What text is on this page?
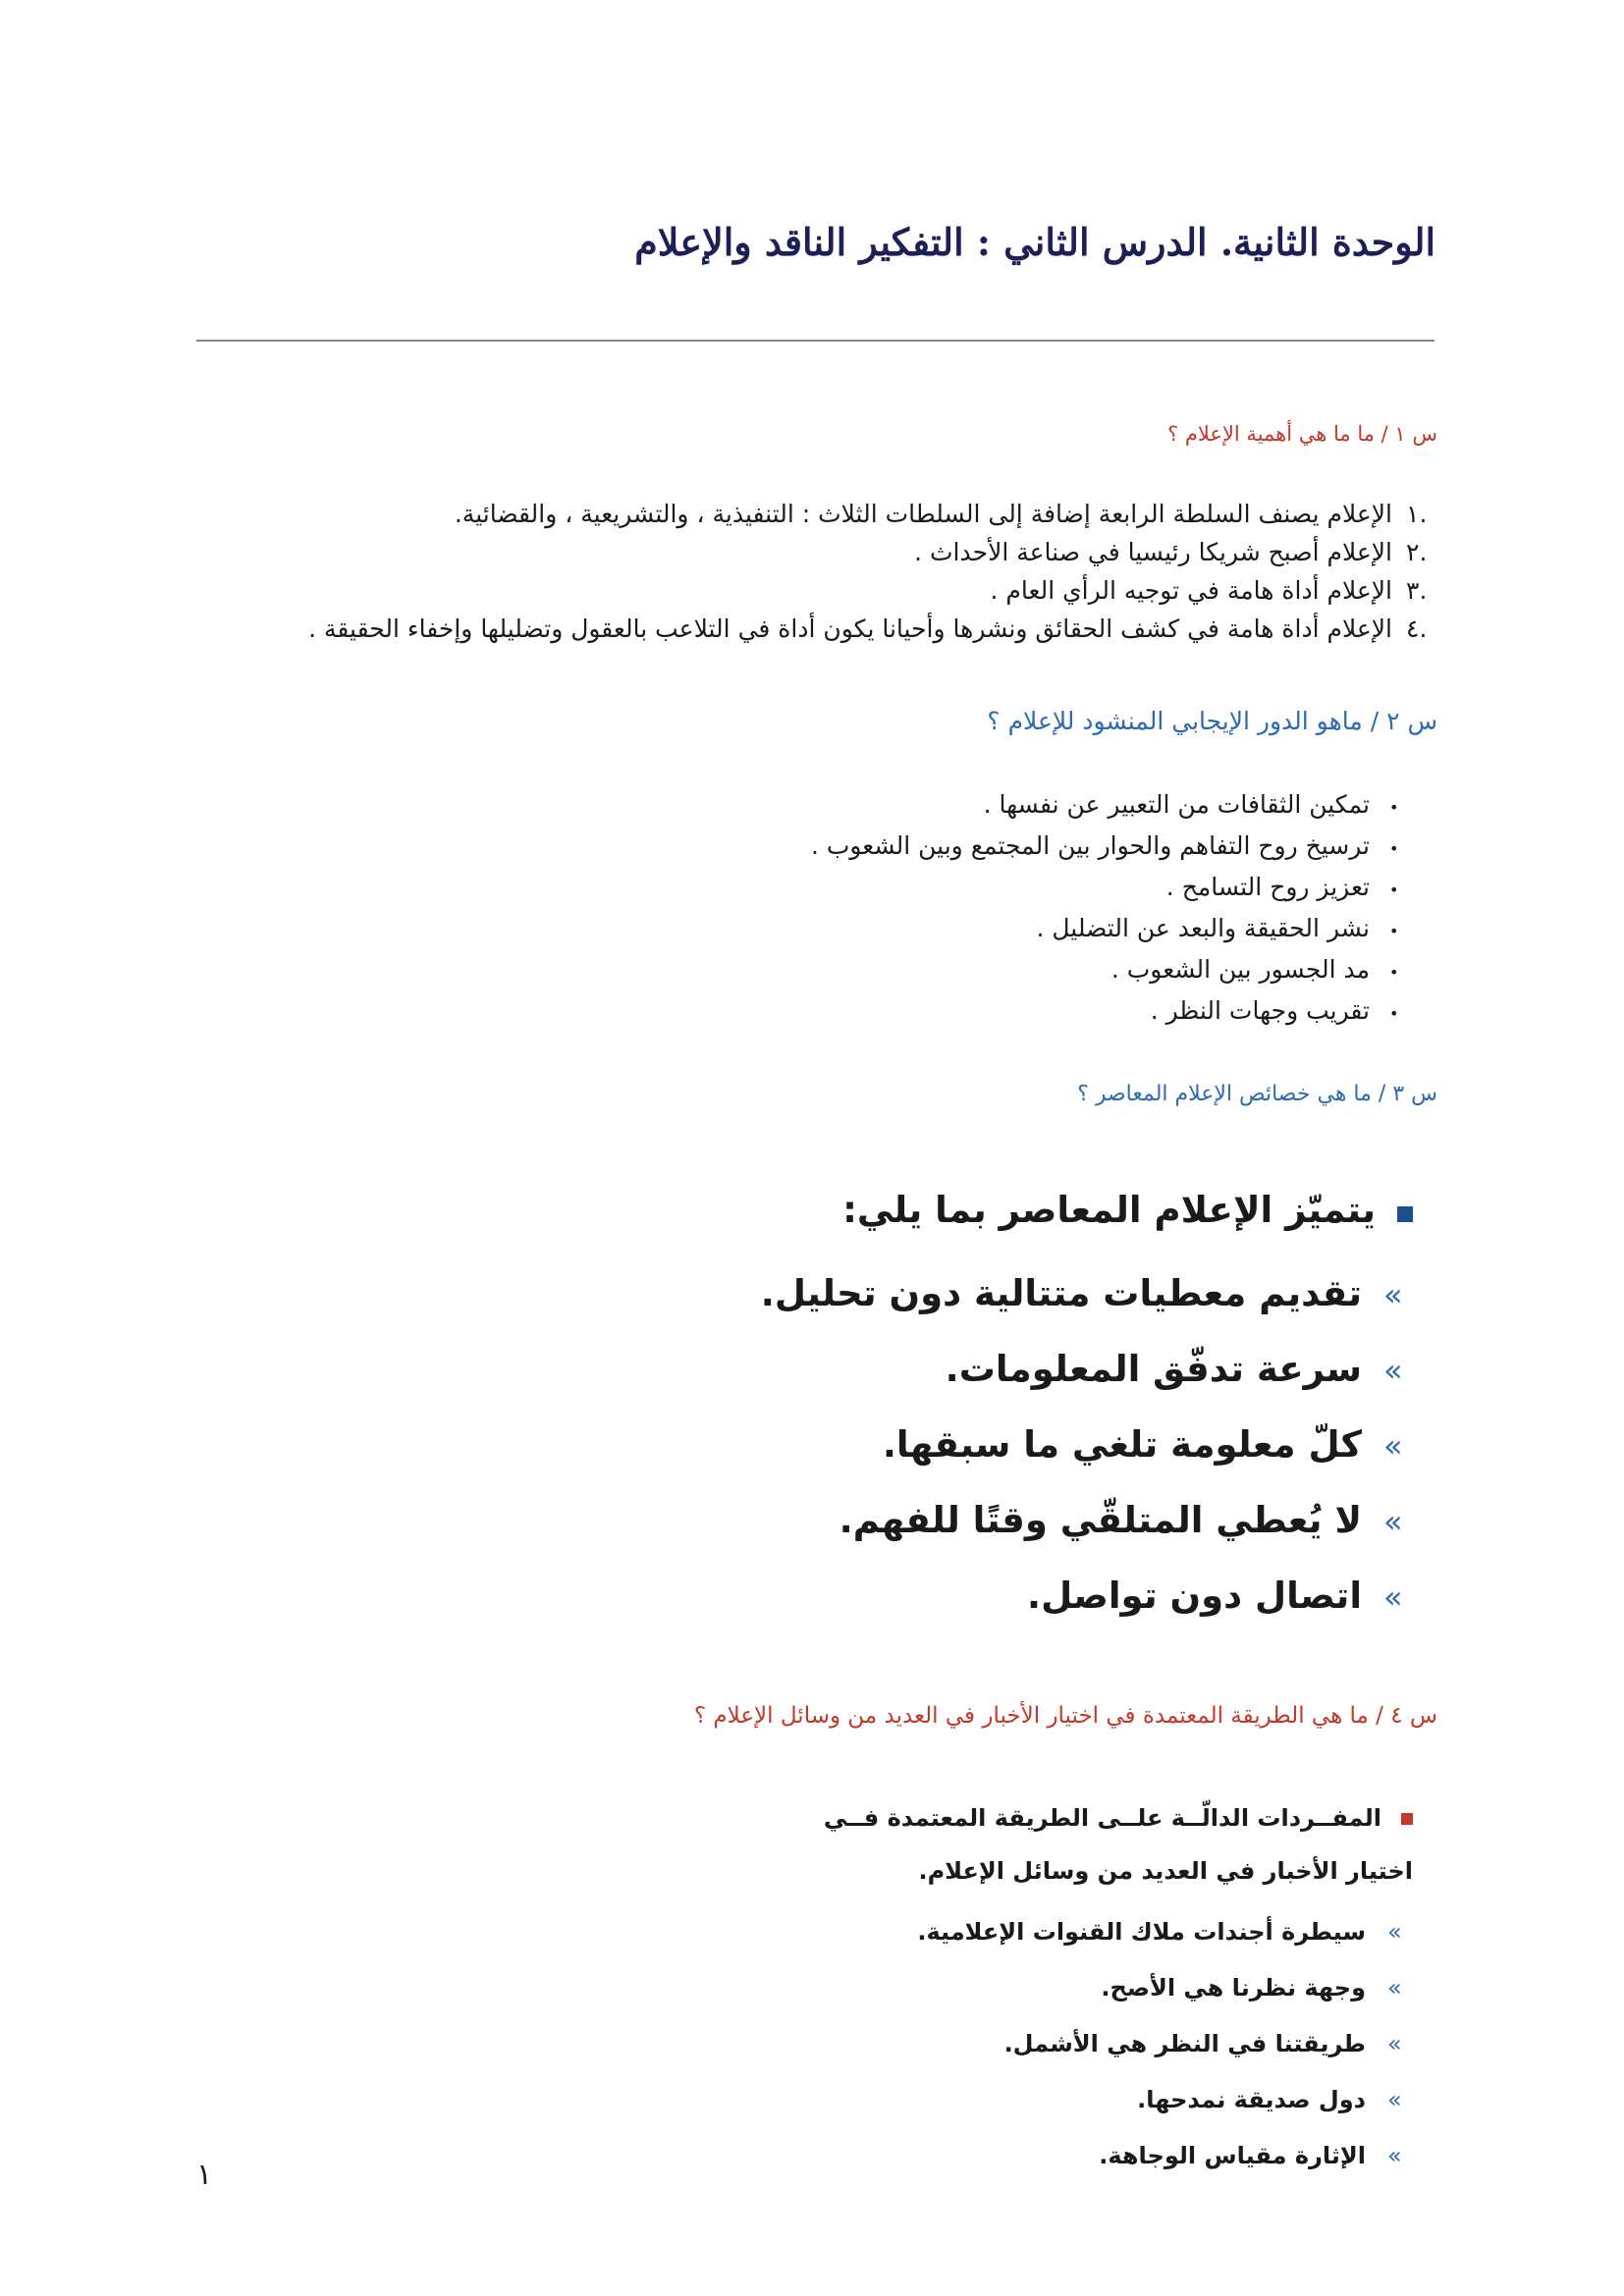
الوحدة الثانية. الدرس الثاني : التفكير الناقد والإعلام
س ١ / ما ما هي أهمية الإعلام ؟
.١
الإعلام يصنف السلطة الرابعة إضافة إلى السلطات الثلاث : التنفيذية ، والتشريعية ، والقضائية.
.٢
الإعلام أصبح شريكا رئيسيا في صناعة الأحداث .
.٣
الإعلام أداة هامة في توجيه الرأي العام .
.٤
الإعلام أداة هامة في كشف الحقائق ونشرها وأحيانا يكون أداة في التلاعب بالعقول وتضليلها وإخفاء الحقيقة .
س ٢ / ماهو الدور الإيجابي المنشود للإعلام ؟
•
تمكين الثقافات من التعبير عن نفسها .
•
ترسيخ روح التفاهم والحوار بين المجتمع وبين الشعوب .
•
تعزيز روح التسامح .
•
نشر الحقيقة والبعد عن التضليل .
•
مد الجسور بين الشعوب .
•
تقريب وجهات النظر .
س ٣ / ما هي خصائص الإعلام المعاصر ؟
يتميّز الإعلام المعاصر بما يلي:
»
تقديم معطيات متتالية دون تحليل.
»
سرعة تدفّق المعلومات.
»
كلّ معلومة تلغي ما سبقها.
»
لا يُعطي المتلقّي وقتًا للفهم.
»
اتصال دون تواصل.
س ٤ / ما هي الطريقة المعتمدة في اختيار الأخبار في العديد من وسائل الإعلام ؟
المفــردات الدالّــة علــى الطريقة المعتمدة فــي اختيار الأخبار في العديد من وسائل الإعلام.
»
سيطرة أجندات ملاك القنوات الإعلامية.
»
وجهة نظرنا هي الأصح.
»
طريقتنا في النظر هي الأشمل.
»
دول صديقة نمدحها.
»
الإثارة مقياس الوجاهة.
١
